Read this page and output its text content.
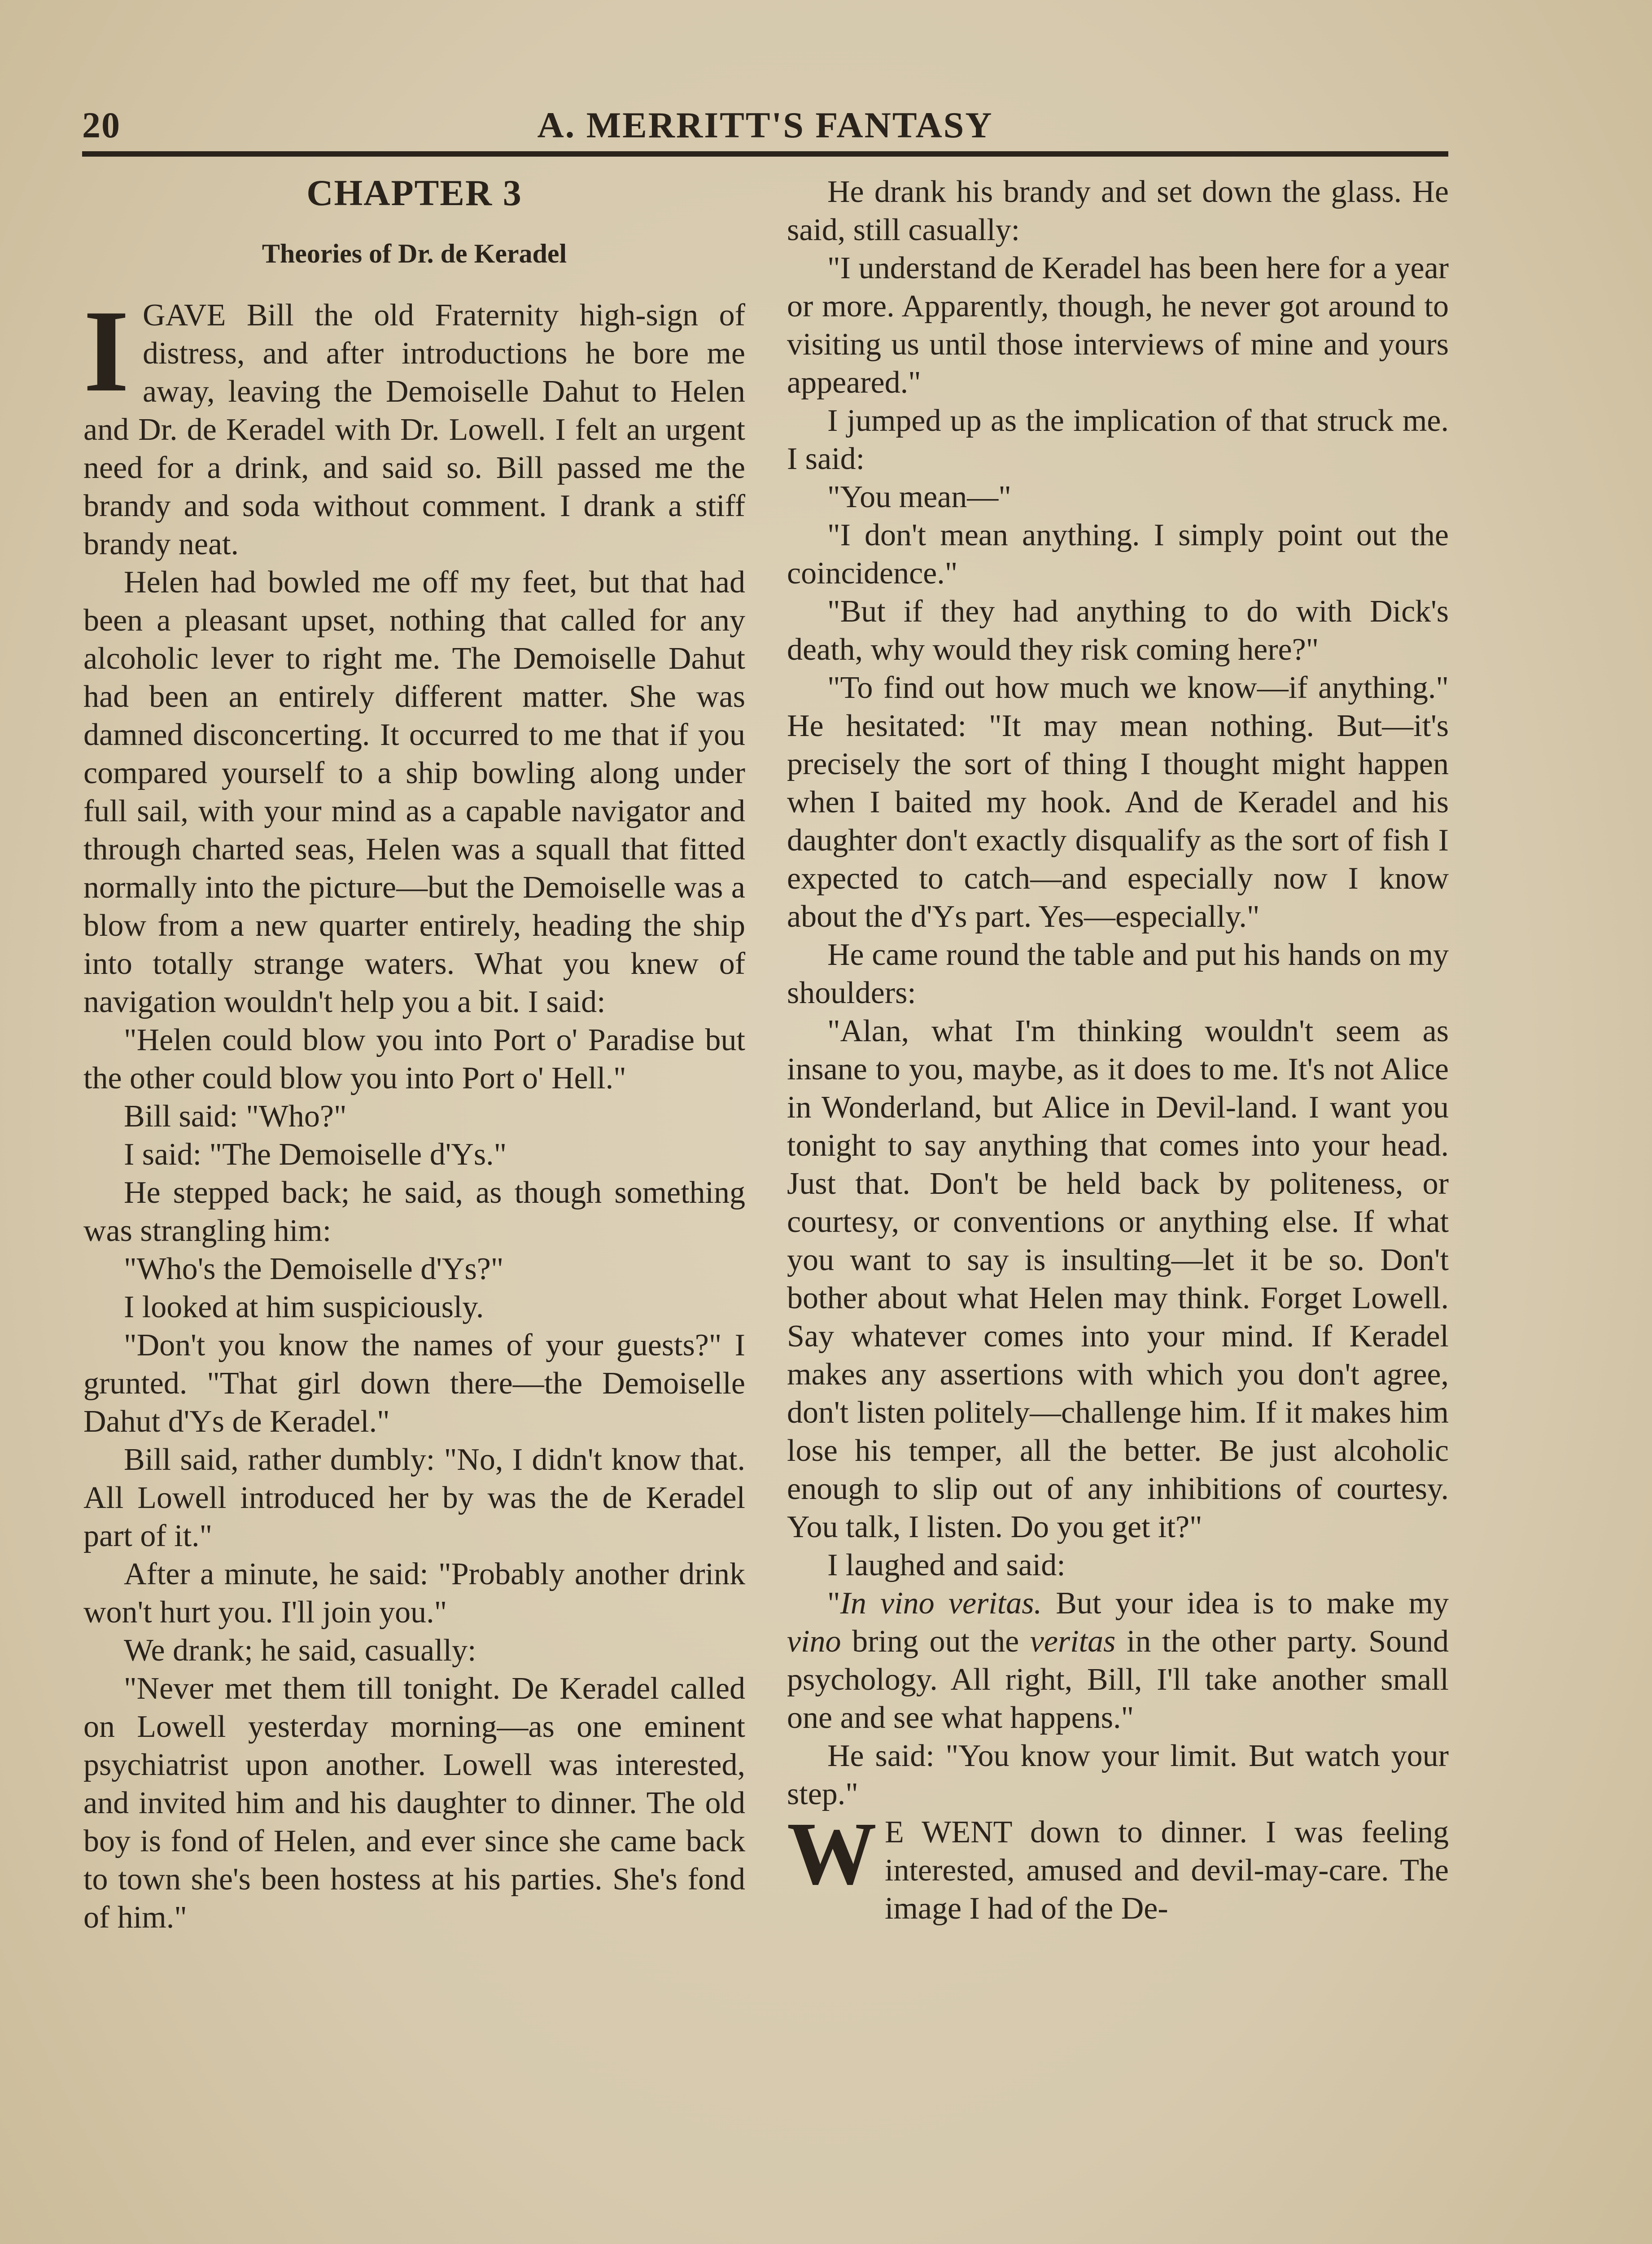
20	A. MERRITT'S FANTASY
CHAPTER 3
Theories of Dr. de Keradel

IGAVE Bill the old Fraternity high-sign of distress, and after introductions he bore me away, leaving the Demoiselle Dahut to Helen and Dr. de Keradel with Dr. Lowell. I felt an urgent need for a drink, and said so. Bill passed me the brandy and soda without comment. I drank a stiff brandy neat.

Helen had bowled me off my feet, but that had been a pleasant upset, nothing that called for any alcoholic lever to right me. The Demoiselle Dahut had been an entirely different matter. She was damned disconcerting. It occurred to me that if you compared yourself to a ship bowling along under full sail, with your mind as a capable navigator and through charted seas, Helen was a squall that fitted normally into the picture—but the Demoiselle was a blow from a new quarter entirely, heading the ship into totally strange waters. What you knew of navigation wouldn't help you a bit. I said:

"Helen could blow you into Port o' Paradise but the other could blow you into Port o' Hell."

Bill said: "Who?"

I said: "The Demoiselle d'Ys."

He stepped back; he said, as though something was strangling him:

"Who's the Demoiselle d'Ys?"

I looked at him suspiciously.

"Don't you know the names of your guests?" I grunted. "That girl down there—the Demoiselle Dahut d'Ys de Keradel."

Bill said, rather dumbly: "No, I didn't know that. All Lowell introduced her by was the de Keradel part of it."

After a minute, he said: "Probably another drink won't hurt you. I'll join you."

We drank; he said, casually:

"Never met them till tonight. De Keradel called on Lowell yesterday morning—as one eminent psychiatrist upon another. Lowell was interested, and invited him and his daughter to dinner. The old boy is fond of Helen, and ever since she came back to town she's been hostess at his parties. She's fond of him."

He drank his brandy and set down the glass. He said, still casually:

"I understand de Keradel has been here for a year or more. Apparently, though, he never got around to visiting us until those interviews of mine and yours appeared."

I jumped up as the implication of that struck me. I said:

"You mean—"

"I don't mean anything. I simply point out the coincidence."

"But if they had anything to do with Dick's death, why would they risk coming here?"

"To find out how much we know—if anything." He hesitated: "It may mean nothing. But—it's precisely the sort of thing I thought might happen when I baited my hook. And de Keradel and his daughter don't exactly disqualify as the sort of fish I expected to catch—and especially now I know about the d'Ys part. Yes—especially."

He came round the table and put his hands on my shoulders:

"Alan, what I'm thinking wouldn't seem as insane to you, maybe, as it does to me. It's not Alice in Wonderland, but Alice in Devil-land. I want you tonight to say anything that comes into your head. Just that. Don't be held back by politeness, or courtesy, or conventions or anything else. If what you want to say is insulting—let it be so. Don't bother about what Helen may think. Forget Lowell. Say whatever comes into your mind. If Keradel makes any assertions with which you don't agree, don't listen politely—challenge him. If it makes him lose his temper, all the better. Be just alcoholic enough to slip out of any inhibitions of courtesy. You talk, I listen. Do you get it?"

I laughed and said:

"In vino veritas. But your idea is to make my vino bring out the veritas in the other party. Sound psychology. All right, Bill, I'll take another small one and see what happens."

He said: "You know your limit. But watch your step."

W E WENT down to dinner. I was feeling interested, amused and devil-may-care. The image I had of the De-
